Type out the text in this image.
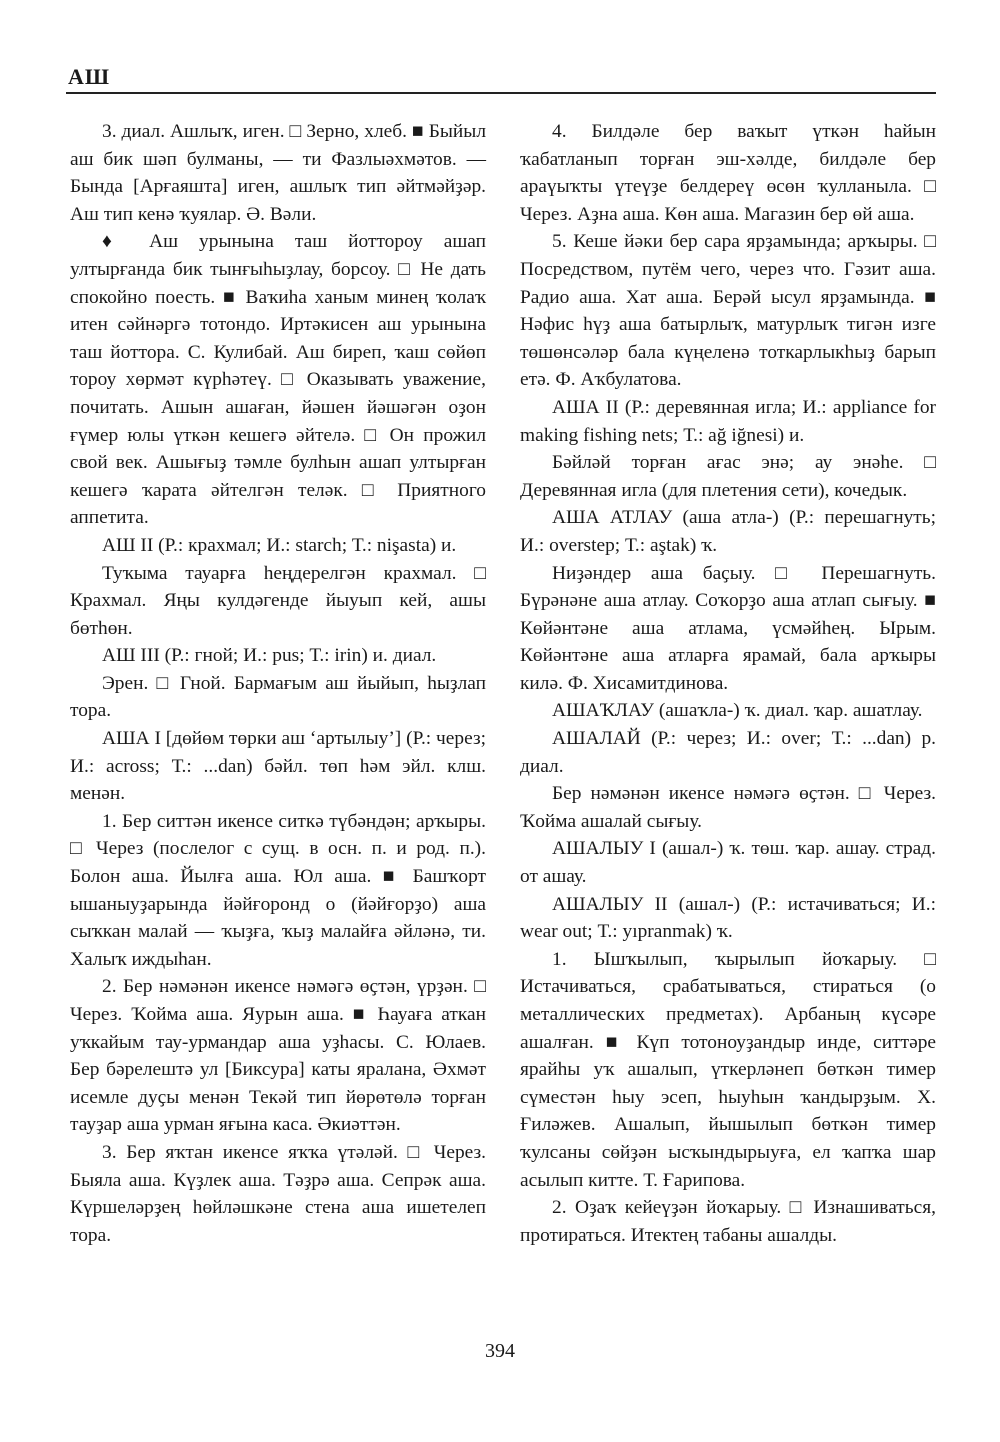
АШ

3. диал. Ашлыҡ, иген. □ Зерно, хлеб. ■ Быйыл аш бик шәп булманы, — ти Фазлыәхмәтов. — Бында [Арғаяшта] иген, ашлыҡ тип әйтмәйҙәр. Аш тип кенә ҡуялар. Ә. Вәли.

♦ Аш урынына таш йоттороу ашап ултырғанда бик тынғыһыҙлау, борсоу. □ Не дать спокойно поесть. ■ Ваҡиһа ханым минең ҡолаҡ итен сәйнәргә тотондо. Иртәкисен аш урынына таш йоттора. С. Кулибай. Аш биреп, ҡаш сөйөп тороу хөрмәт күрһәтеү. □ Оказывать уважение, почитать. Ашын ашаған, йәшен йәшәгән оҙон ғүмер юлы үткән кешегә әйтелә. □ Он прожил свой век. Ашығыҙ тәмле булһын ашап ултырған кешегә ҡарата әйтелгән теләк. □ Приятного аппетита.

АШ II (Р.: крахмал; И.: starch; Т.: nişasta) и.

Туҡыма тауарға һеңдерелгән крахмал. □ Крахмал. Яңы кулдәгенде йыуып кей, ашы бөтһөн.

АШ III (Р.: гной; И.: pus; Т.: irin) и. диал.

Эрен. □ Гной. Бармағым аш йыйып, һыҙлап тора.

АША I [дөйөм төрки аш ‘артылыу’] (Р.: через; И.: across; Т.: ...dan) бәйл. төп һәм эйл. клш. менән.

1. Бер ситтән икенсе ситкә түбәндән; арҡыры. □ Через (послелог с сущ. в осн. п. и род. п.). Болон аша. Йылға аша. Юл аша. ■ Башҡорт ышаныуҙарында йәйғоронд о (йәйғорҙо) аша сыҡкан малай — ҡыҙға, ҡыҙ малайға әйләнә, ти. Халыҡ иждыһан.

2. Бер нәмәнән икенсе нәмәгә өҫтән, үрҙән. □ Через. Ҡойма аша. Яурын аша. ■ Һауаға аткан уҡкайым тау-урмандар аша уҙһасы. С. Юлаев. Бер бәрелештә ул [Биксура] каты яралана, Әхмәт исемле дуҫы менән Текәй тип йөрөтөлә торған тауҙар аша урман яғына каса. Әкиәттән.

3. Бер яҡтан икенсе яҡҡа үтәләй. □ Через. Быяла аша. Күҙлек аша. Тәҙрә аша. Сепрәк аша. Күршеләрҙең һөйләшкәне стена аша ишетелеп тора.

4. Билдәле бер ваҡыт үткән һайын ҡабатланып торған эш-хәлде, билдәле бер араүыҡты үтеүҙе белдереү өсөн ҡулланыла. □ Через. Аҙна аша. Көн аша. Магазин бер өй аша.

5. Кеше йәки бер сара ярҙамында; арҡыры. □ Посредством, путём чего, через что. Гәзит аша. Радио аша. Хат аша. Берәй ысул ярҙамында. ■ Нәфис һүҙ аша батырлыҡ, матурлыҡ тигән изге төшөнсәләр бала күңеленә тоткарлыкһыҙ барып етә. Ф. Аҡбулатова.

АША II (Р.: деревянная игла; И.: appliance for making fishing nets; Т.: ağ iğnesi) и.

Бәйләй торған ағас энә; ау энәһе. □ Деревянная игла (для плетения сети), кочедык.

АША АТЛАУ (аша атла-) (Р.: перешагнуть; И.: overstep; Т.: aştak) ҡ.

Ниҙәндер аша баҫыу. □ Перешагнуть. Бүрәнәне аша атлау. Соҡорҙо аша атлап сығыу. ■ Көйәнтәне аша атлама, үсмәйһең. Ырым. Көйәнтәне аша атларға ярамай, бала арҡыры килә. Ф. Хисамитдинова.

АШАҠЛАУ (ашаҡла-) ҡ. диал. ҡар. ашатлау.

АШАЛАЙ (Р.: через; И.: over; Т.: ...dan) р. диал.

Бер нәмәнән икенсе нәмәгә өҫтән. □ Через. Ҡойма ашалай сығыу.

АШАЛЫУ I (ашал-) ҡ. төш. ҡар. ашау. страд. от ашау.

АШАЛЫУ II (ашал-) (Р.: истачиваться; И.: wear out; Т.: yıpranmak) ҡ.

1. Ышҡылып, ҡырылып йоҡарыу. □ Истачиваться, срабатываться, стираться (о металлических предметах). Арбаның күсәре ашалған. ■ Күп тотоноуҙандыр инде, ситтәре ярайһы уҡ ашалып, үткерләнеп бөткән тимер сүместән һыу эсеп, һыуһын ҡандырҙым. Х. Ғиләжев. Ашалып, йышылып бөткән тимер ҡулсаны сөйҙән ысҡындырыуға, ел ҡапҡа шар асылып китте. Т. Ғарипова.

2. Оҙаҡ кейеүҙән йоҡарыу. □ Изнашиваться, протираться. Итектең табаны ашалды.

394
